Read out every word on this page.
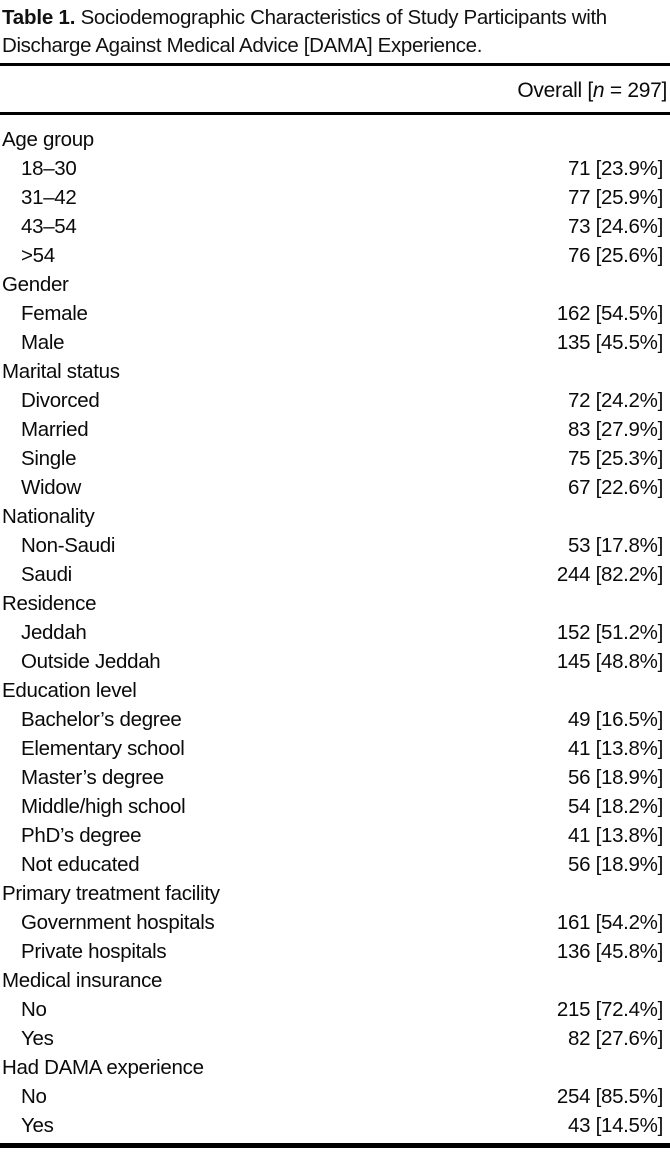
Table 1. Sociodemographic Characteristics of Study Participants with Discharge Against Medical Advice [DAMA] Experience.

Overall [ n = 297]
Age group
18–30	71 [23.9%]
31–42	77 [25.9%]
43–54	73 [24.6%]
>54	76 [25.6%]
Gender
Female	162 [54.5%]
Male	135 [45.5%]
Marital status
Divorced	72 [24.2%]
Married	83 [27.9%]
Single	75 [25.3%]
Widow	67 [22.6%]
Nationality
Non-Saudi	53 [17.8%]
Saudi	244 [82.2%]
Residence
Jeddah	152 [51.2%]
Outside Jeddah	145 [48.8%]
Education level
Bachelor’s degree	49 [16.5%]
Elementary school	41 [13.8%]
Master’s degree	56 [18.9%]
Middle/high school	54 [18.2%]
PhD’s degree	41 [13.8%]
Not educated	56 [18.9%]
Primary treatment facility
Government hospitals	161 [54.2%]
Private hospitals	136 [45.8%]
Medical insurance
No	215 [72.4%]
Yes	82 [27.6%]
Had DAMA experience
No	254 [85.5%]
Yes	43 [14.5%]
